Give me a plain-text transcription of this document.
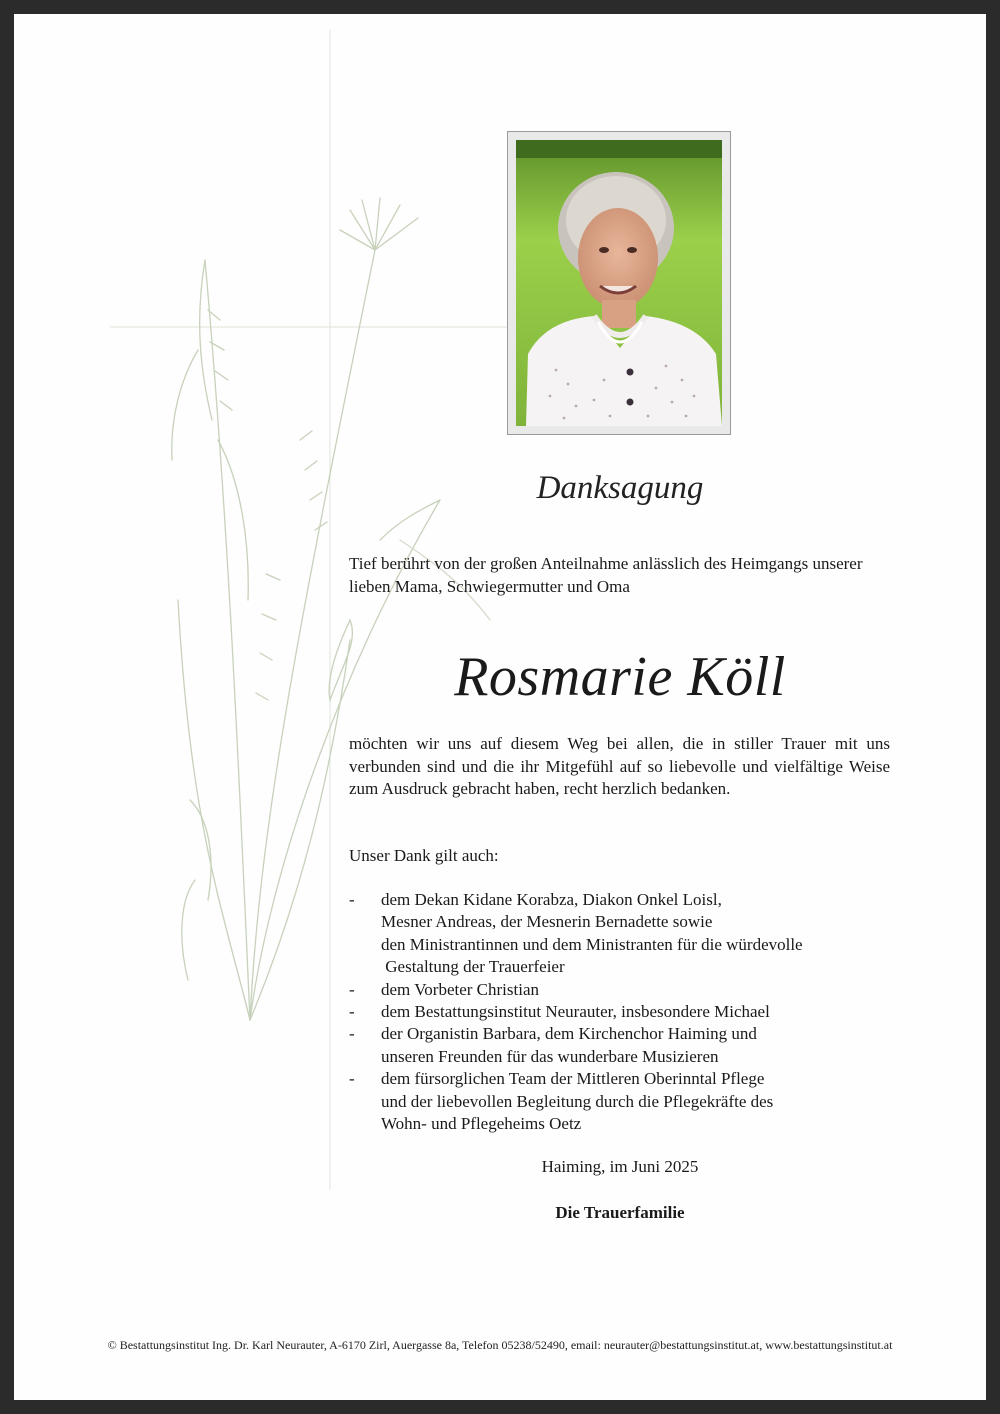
Danksagung
Tief berührt von der großen Anteilnahme anlässlich des Heimgangs unserer lieben Mama, Schwiegermutter und Oma
Rosmarie Köll
möchten wir uns auf diesem Weg bei allen, die in stiller Trauer mit uns verbunden sind und die ihr Mitgefühl auf so liebevolle und vielfältige Weise zum Ausdruck gebracht haben, recht herzlich bedanken.
Unser Dank gilt auch:
- dem Dekan Kidane Korabza, Diakon Onkel Loisl,
Mesner Andreas, der Mesnerin Bernadette sowie
den Ministrantinnen und dem Ministranten für die würdevolle
Gestaltung der Trauerfeier
- dem Vorbeter Christian
- dem Bestattungsinstitut Neurauter, insbesondere Michael
- der Organistin Barbara, dem Kirchenchor Haiming und
unseren Freunden für das wunderbare Musizieren
- dem fürsorglichen Team der Mittleren Oberinntal Pflege
und der liebevollen Begleitung durch die Pflegekräfte des
Wohn- und Pflegeheims Oetz
Haiming, im Juni 2025
Die Trauerfamilie
© Bestattungsinstitut Ing. Dr. Karl Neurauter, A-6170 Zirl, Auergasse 8a, Telefon 05238/52490, email: neurauter@bestattungsinstitut.at, www.bestattungsinstitut.at
